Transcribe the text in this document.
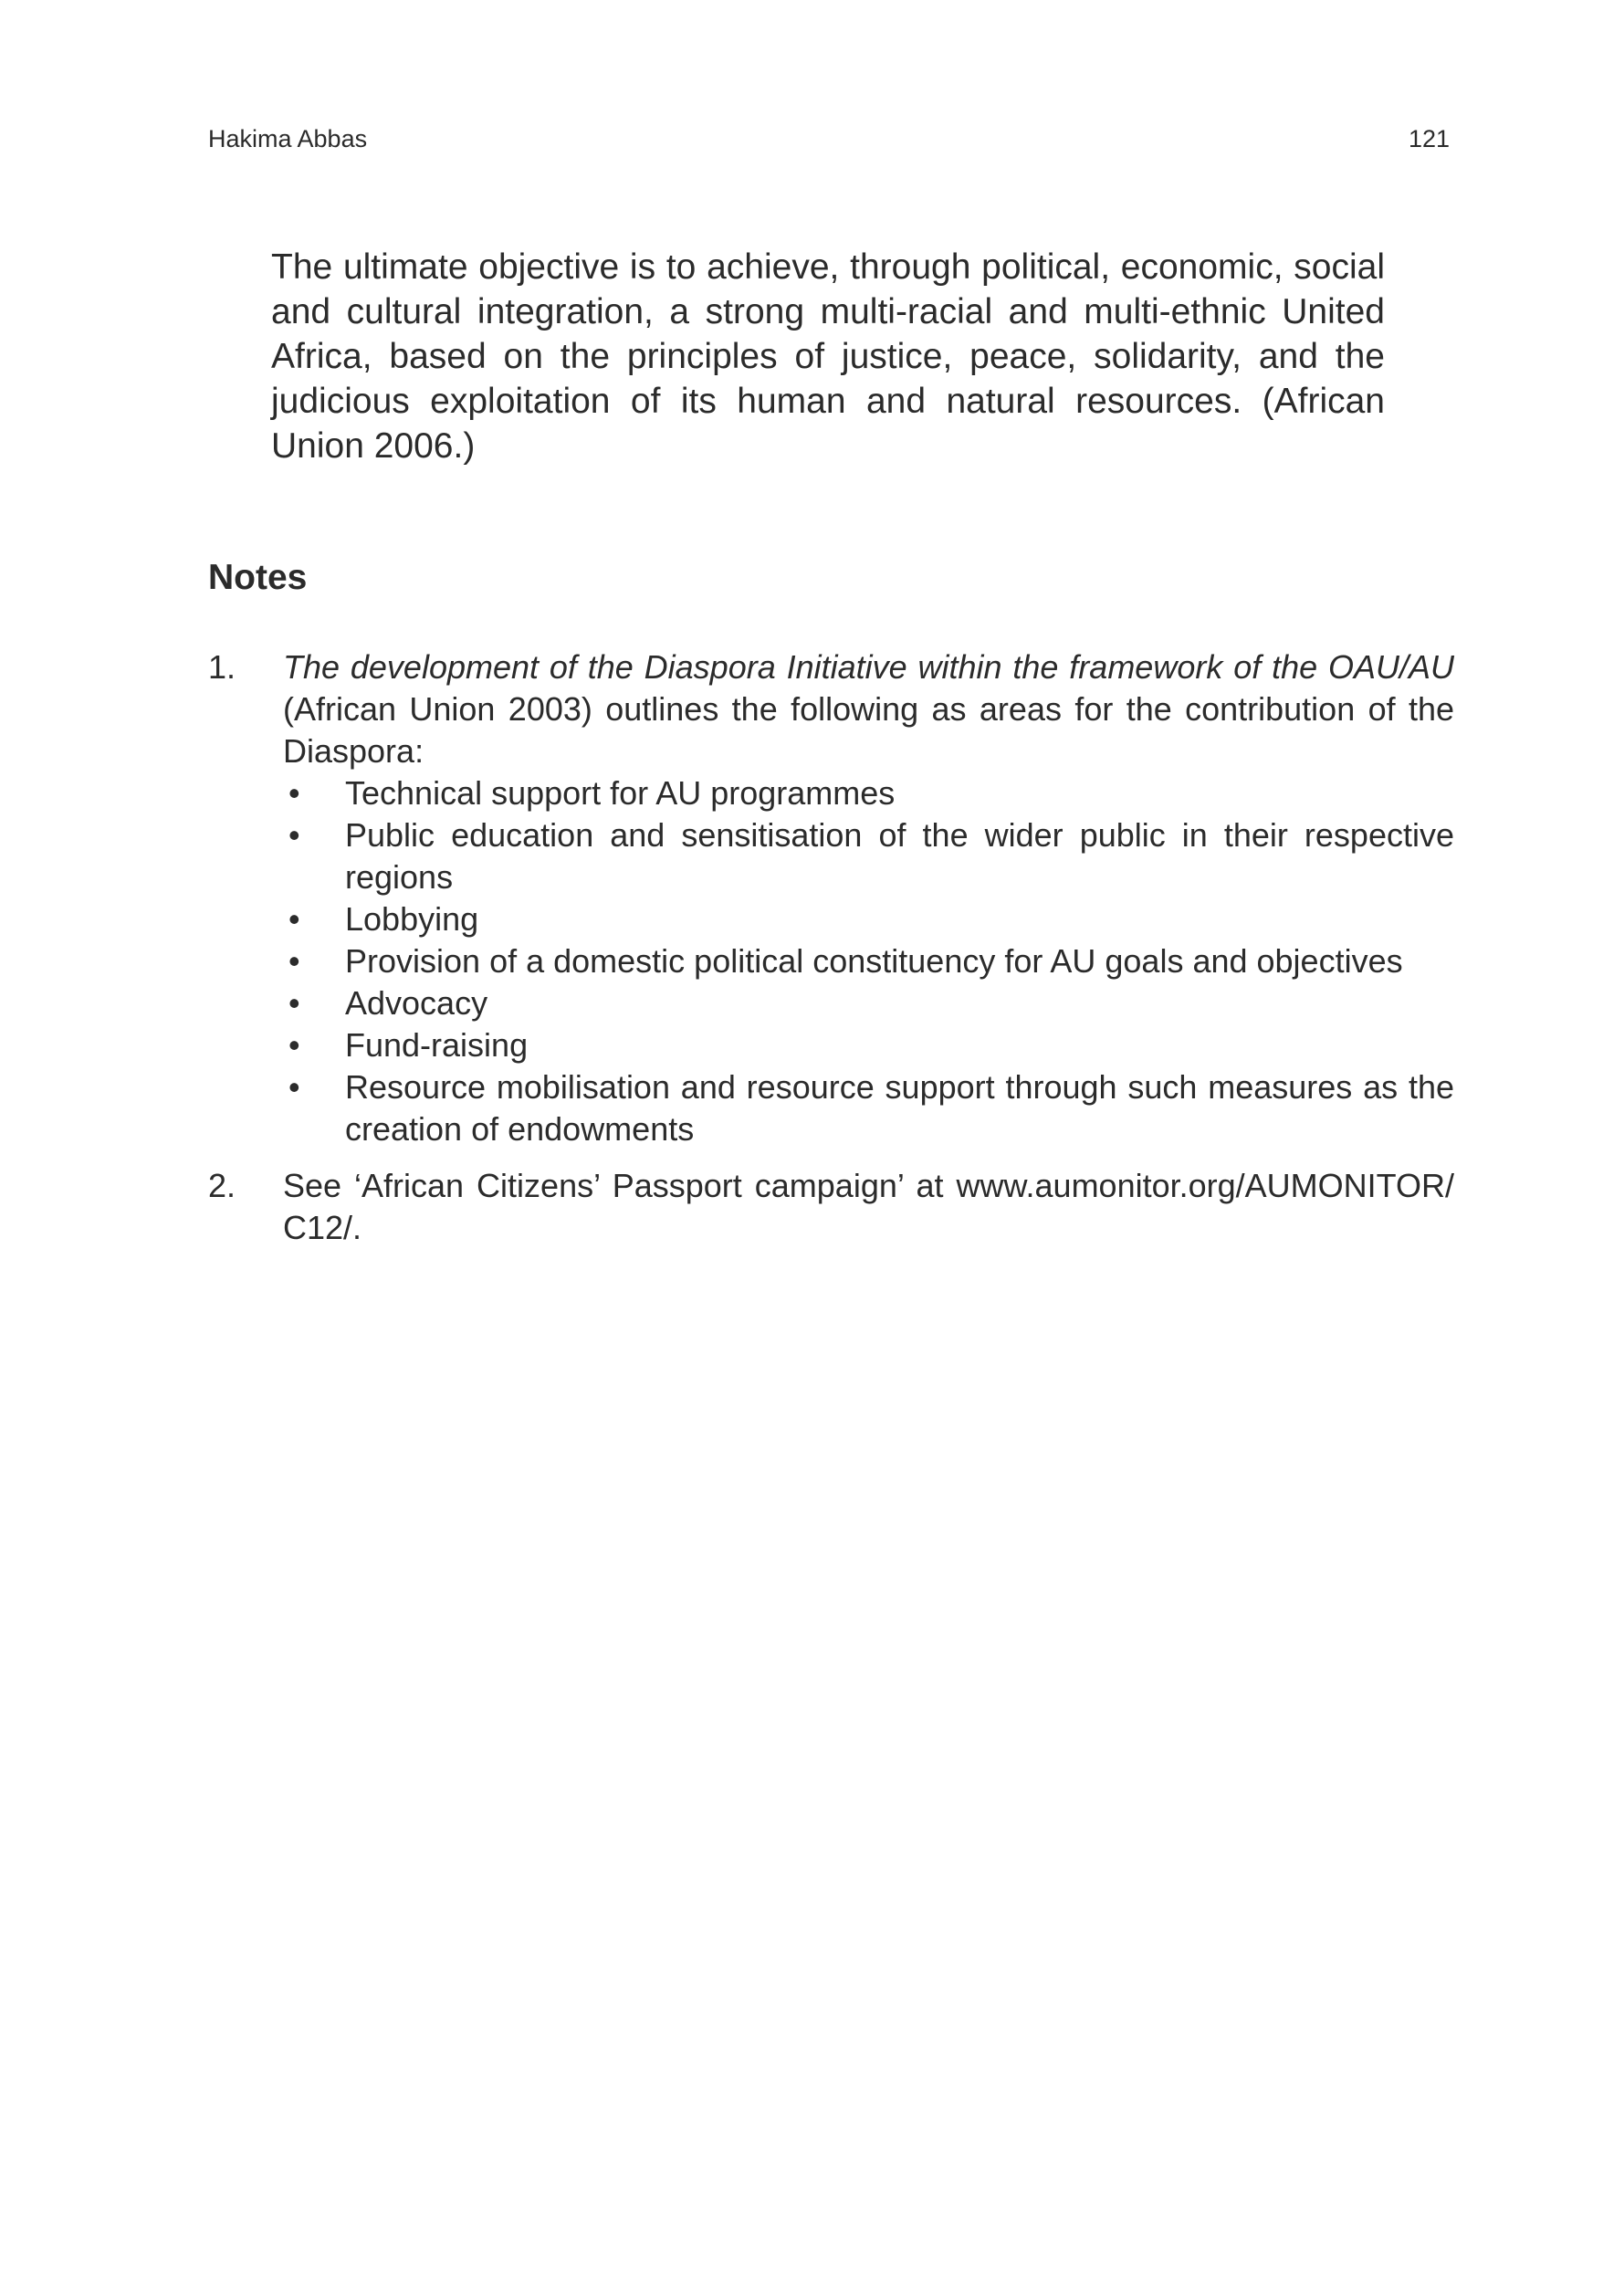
Hakima Abbas	121

The ultimate objective is to achieve, through political, economic, social and cultural integration, a strong multi-racial and multi-ethnic United Africa, based on the principles of justice, peace, solidarity, and the judicious exploitation of its human and natural resources. (African Union 2006.)

Notes
1. The development of the Diaspora Initiative within the framework of the OAU/AU (African Union 2003) outlines the following as areas for the contribution of the Diaspora:
• Technical support for AU programmes
• Public education and sensitisation of the wider public in their respective regions
• Lobbying
• Provision of a domestic political constituency for AU goals and objectives
• Advocacy
• Fund-raising
• Resource mobilisation and resource support through such measures as the creation of endowments
2. See ‘African Citizens’ Passport campaign’ at www.aumonitor.org/AUMONITOR/ C12/.
